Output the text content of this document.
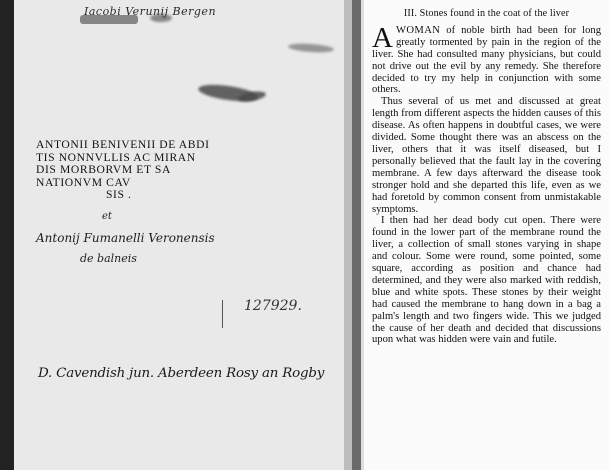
Iacobi Verunij Bergen
ANTONII BENIVENII DE ABDI
TIS NONNVLLIS AC MIRAN
DIS MORBORVM ET SA
NATIONVM CAV
SIS .
et
Antonij Fumanelli Veronensis
de balneis
127929.
D. Cavendish jun. Aberdeen Rosy an Rogby
III. Stones found in the coat of the liver

AWOMAN of noble birth had been for long greatly tormented by pain in the region of the liver. She had consulted many physicians, but could not drive out the evil by any remedy. She therefore decided to try my help in conjunction with some others.

Thus several of us met and discussed at great length from different aspects the hidden causes of this disease. As often happens in doubtful cases, we were divided. Some thought there was an abscess on the liver, others that it was itself diseased, but I personally believed that the fault lay in the covering membrane. A few days afterward the disease took stronger hold and she departed this life, even as we had foretold by common consent from unmistakable symptoms.

I then had her dead body cut open. There were found in the lower part of the membrane round the liver, a collection of small stones varying in shape and colour. Some were round, some pointed, some square, according as position and chance had determined, and they were also marked with reddish, blue and white spots. These stones by their weight had caused the membrane to hang down in a bag a palm's length and two fingers wide. This we judged the cause of her death and decided that discussions upon what was hidden were vain and futile.
